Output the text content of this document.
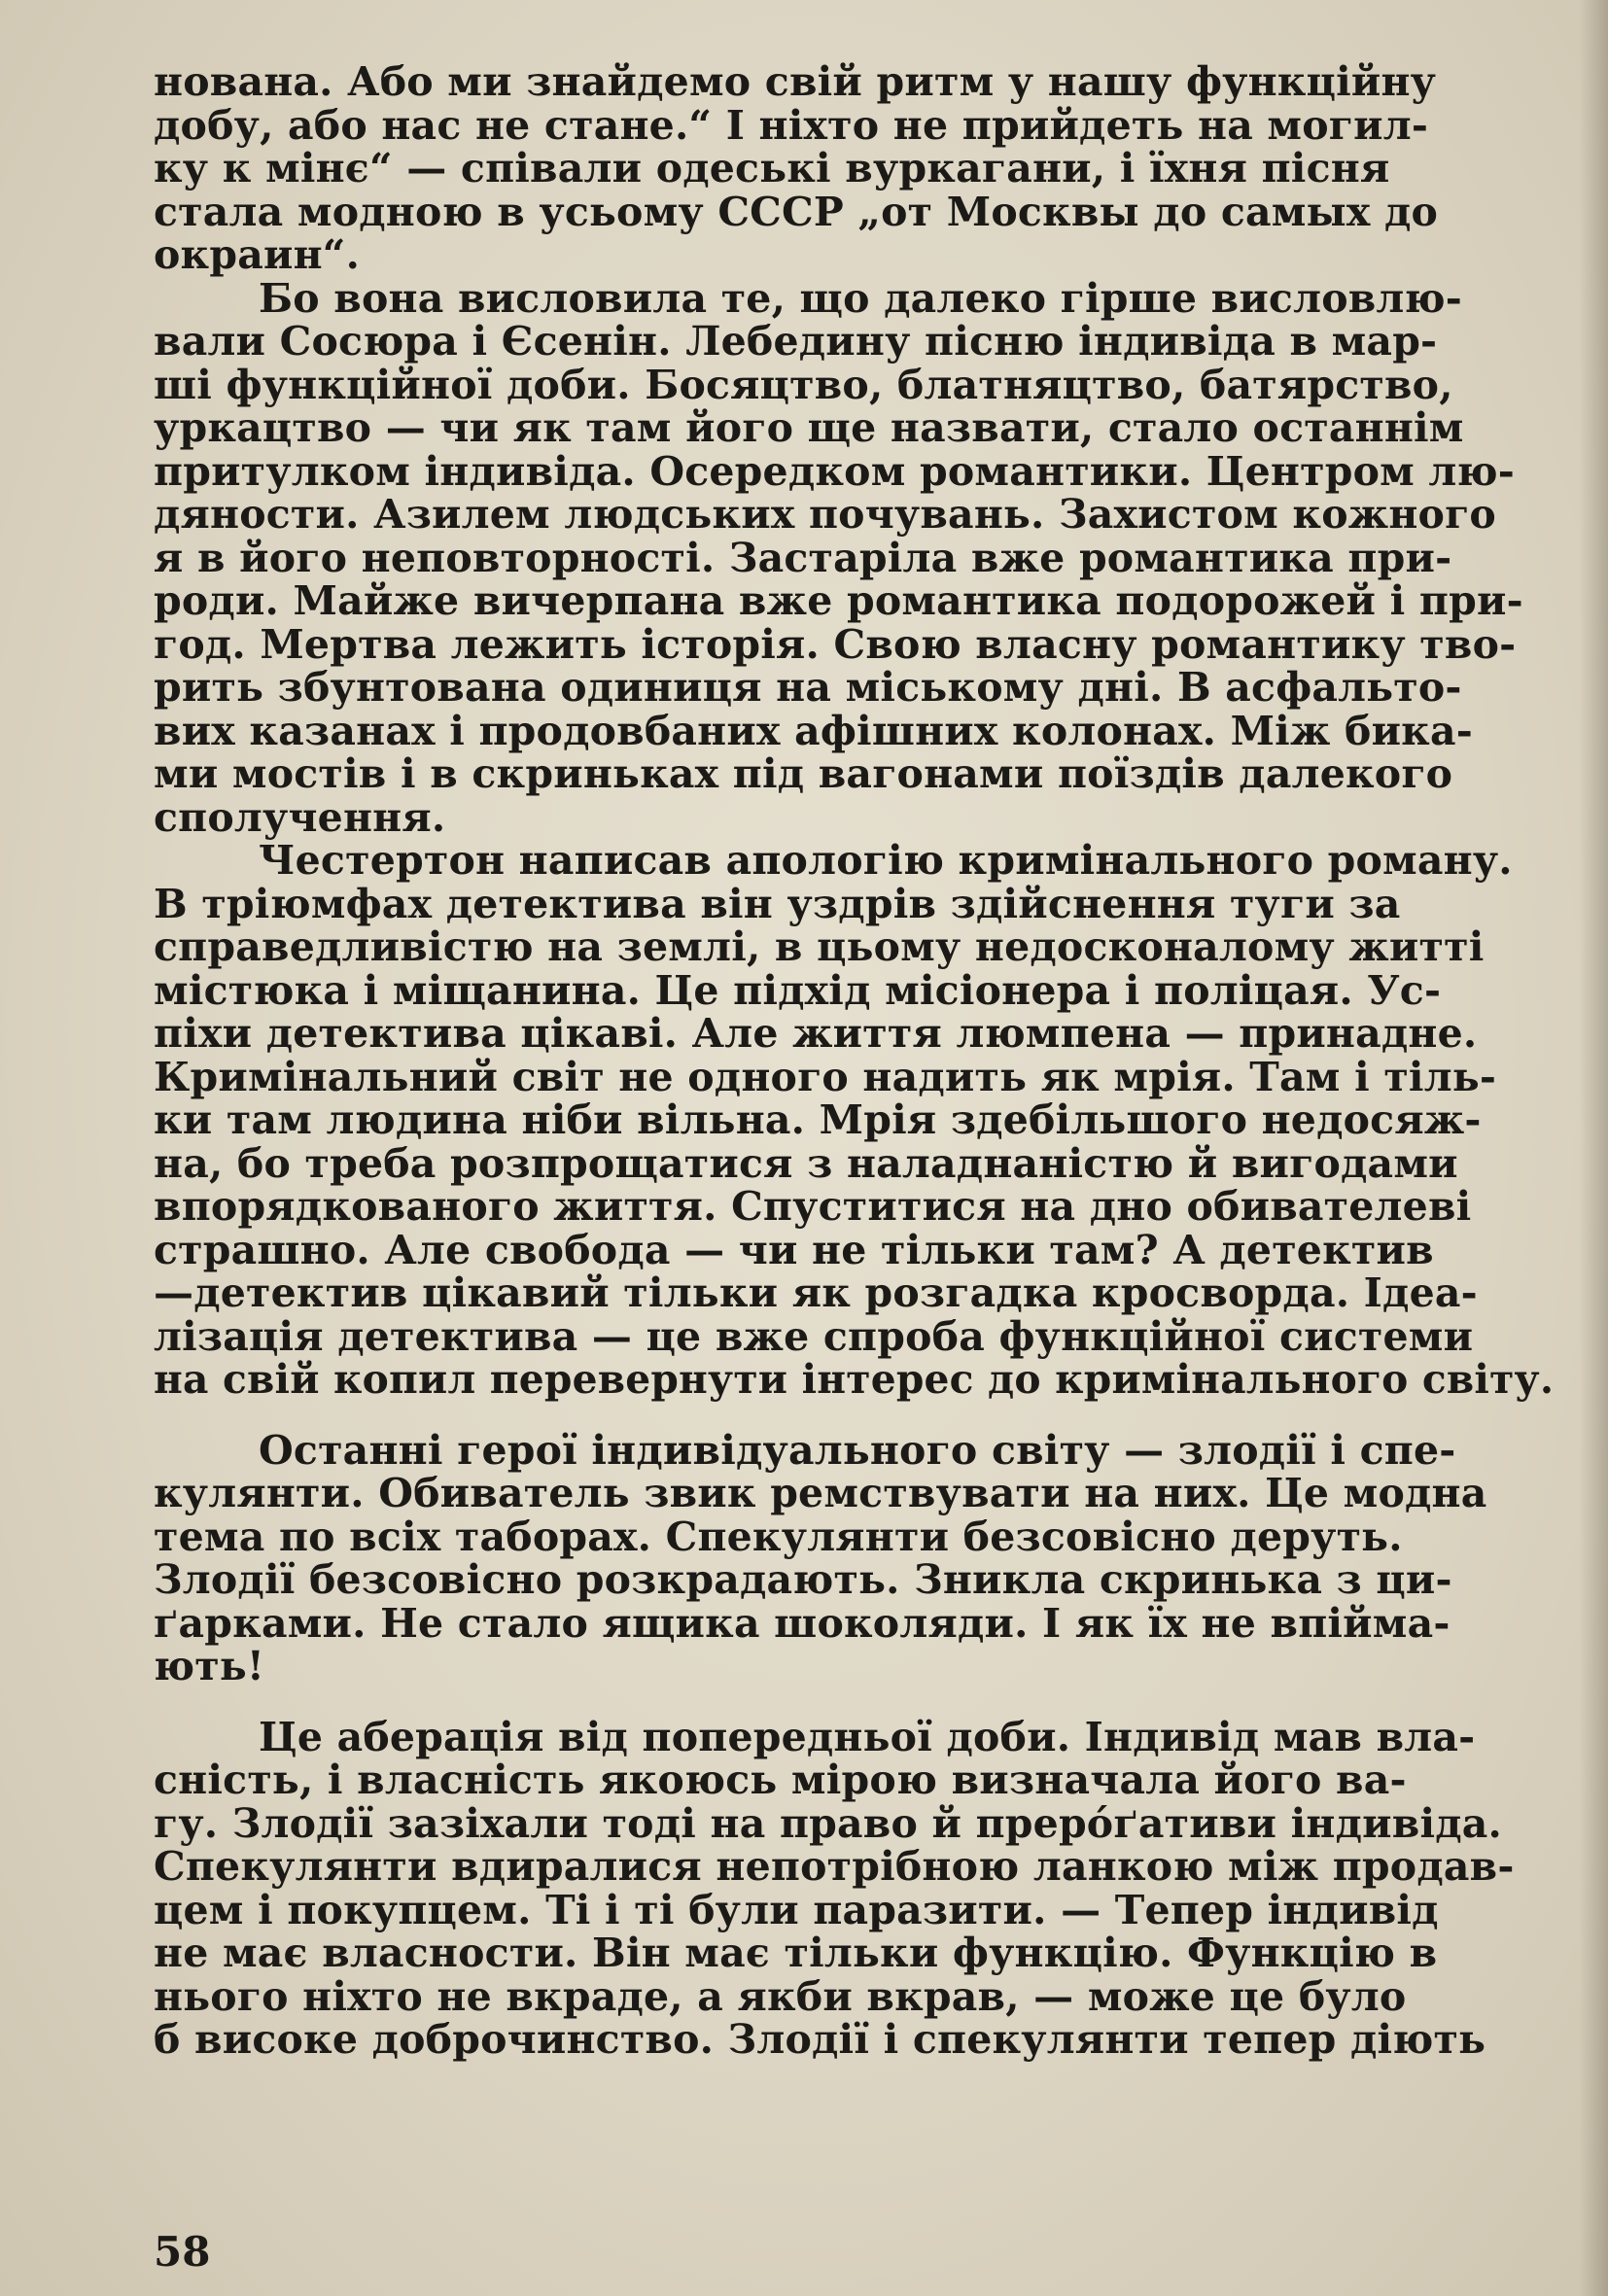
нована. Або ми знайдемо свій ритм у нашу функційну
добу, або нас не стане.“ І ніхто не прийдеть на могил-
ку к мінє“ — співали одеські вуркагани, і їхня пісня
стала модною в усьому СССР „от Москвы до самых до
окраин“.
Бо вона висловила те, що далеко гірше висловлю-
вали Сосюра і Єсенін. Лебедину пісню індивіда в мар-
ші функційної доби. Босяцтво, блатняцтво, батярство,
уркацтво — чи як там його ще назвати, стало останнім
притулком індивіда. Осередком романтики. Центром лю-
дяности. Азилем людських почувань. Захистом кожного
я в його неповторності. Застаріла вже романтика при-
роди. Майже вичерпана вже романтика подорожей і при-
год. Мертва лежить історія. Свою власну романтику тво-
рить збунтована одиниця на міському дні. В асфальто-
вих казанах і продовбаних афішних колонах. Між бика-
ми мостів і в скриньках під вагонами поїздів далекого
сполучення.
Честертон написав апологію кримінального роману.
В тріюмфах детектива він уздрів здійснення туги за
справедливістю на землі, в цьому недосконалому житті
містюка і міщанина. Це підхід місіонера і поліцая. Ус-
піхи детектива цікаві. Але життя люмпена — принадне.
Кримінальний світ не одного надить як мрія. Там і тіль-
ки там людина ніби вільна. Мрія здебільшого недосяж-
на, бо треба розпрощатися з наладнаністю й вигодами
впорядкованого життя. Спуститися на дно обивателеві
страшно. Але свобода — чи не тільки там? А детектив
—детектив цікавий тільки як розгадка кросворда. Ідеа-
лізація детектива — це вже спроба функційної системи
на свій копил перевернути інтерес до кримінального світу.
Останні герої індивідуального світу — злодії і спе-
кулянти. Обиватель звик ремствувати на них. Це модна
тема по всіх таборах. Спекулянти безсовісно деруть.
Злодії безсовісно розкрадають. Зникла скринька з ци-
ґарками. Не стало ящика шоколяди. І як їх не впійма-
ють!
Це аберація від попередньої доби. Індивід мав вла-
сність, і власність якоюсь мірою визначала його ва-
гу. Злодії зазіхали тоді на право й преро́ґативи індивіда.
Спекулянти вдиралися непотрібною ланкою між продав-
цем і покупцем. Ті і ті були паразити. — Тепер індивід
не має власности. Він має тільки функцію. Функцію в
нього ніхто не вкраде, а якби вкрав, — може це було
б високе доброчинство. Злодії і спекулянти тепер діють
58
